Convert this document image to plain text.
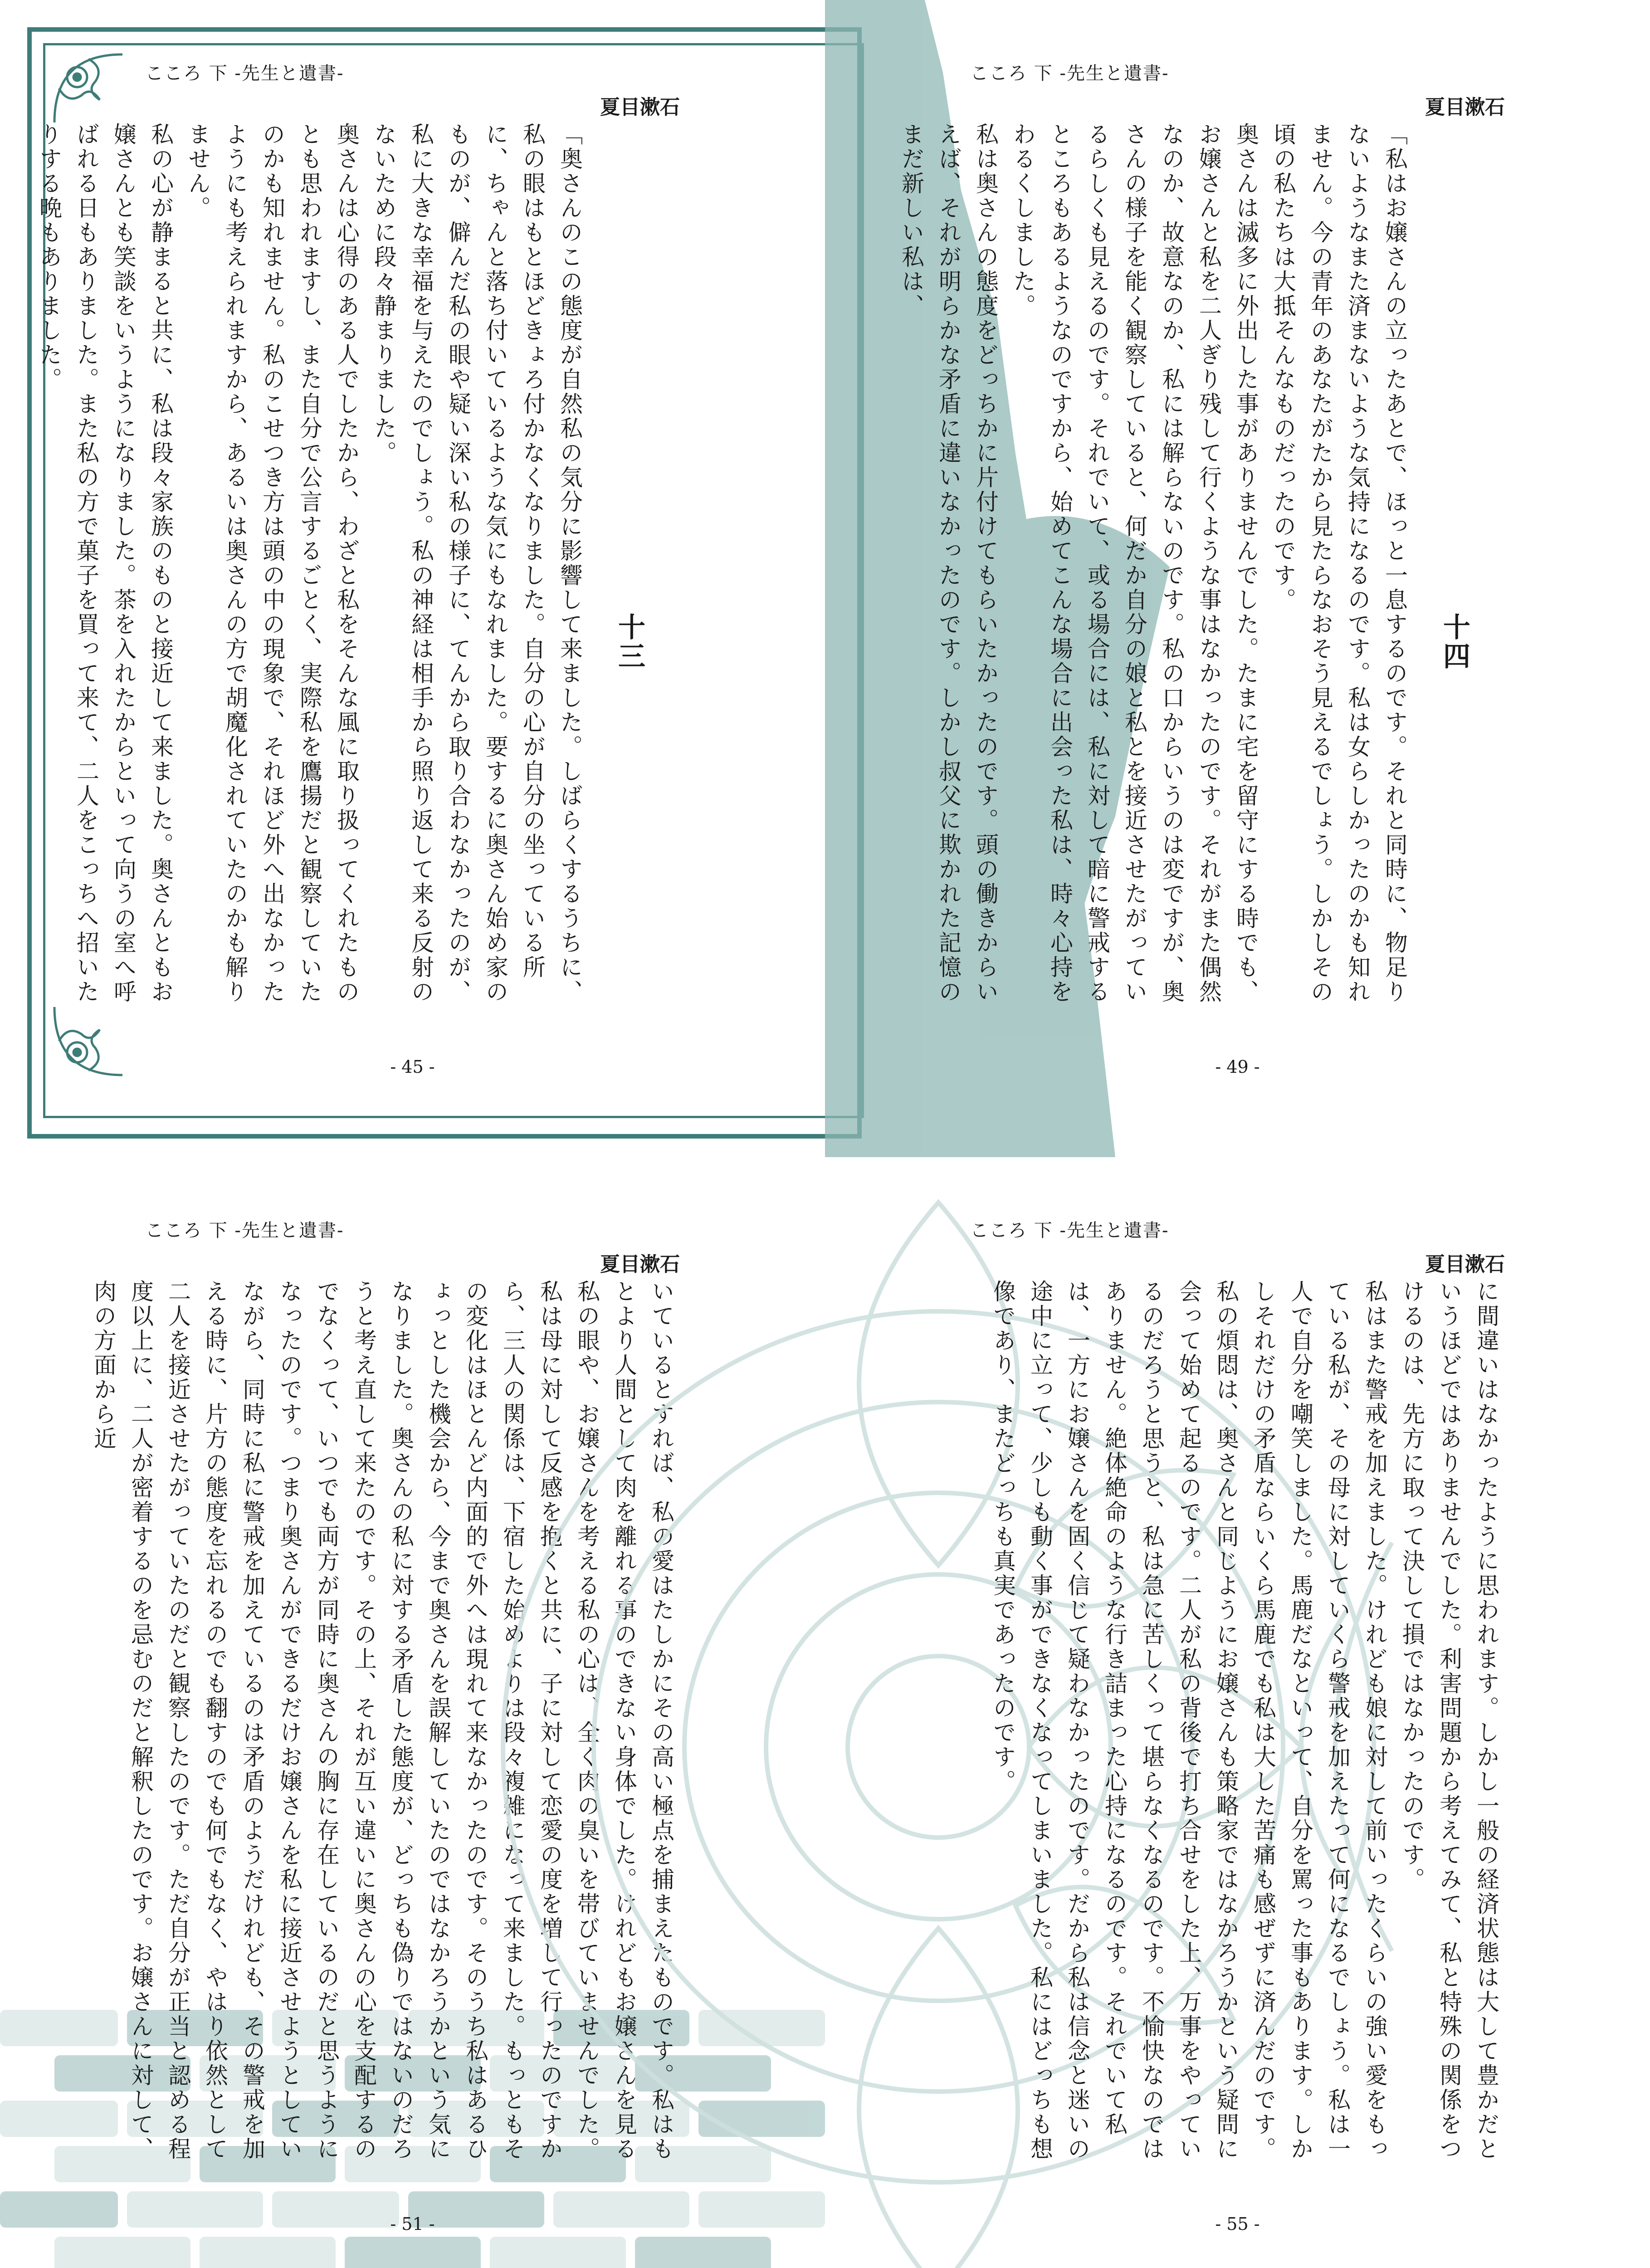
こころ 下 -先生と遺書-
夏目漱石
十三

「奥さんのこの態度が自然私の気分に影響して来ました。しばらくするうちに、私の眼はもとほどきょろ付かなくなりました。自分の心が自分の坐っている所に、ちゃんと落ち付いているような気にもなれました。要するに奥さん始め家のものが、僻んだ私の眼や疑い深い私の様子に、てんから取り合わなかったのが、私に大きな幸福を与えたのでしょう。私の神経は相手から照り返して来る反射のないために段々静まりました。

奥さんは心得のある人でしたから、わざと私をそんな風に取り扱ってくれたものとも思われますし、また自分で公言するごとく、実際私を鷹揚だと観察していたのかも知れません。私のこせつき方は頭の中の現象で、それほど外へ出なかったようにも考えられますから、あるいは奥さんの方で胡魔化されていたのかも解りません。

私の心が静まると共に、私は段々家族のものと接近して来ました。奥さんともお嬢さんとも笑談をいうようになりました。茶を入れたからといって向うの室へ呼ばれる日もありました。また私の方で菓子を買って来て、二人をこっちへ招いたりする晩もありました。

- 45 -
こころ 下 -先生と遺書-
夏目漱石
十四

「私はお嬢さんの立ったあとで、ほっと一息するのです。それと同時に、物足りないようなまた済まないような気持になるのです。私は女らしかったのかも知れません。今の青年のあなたがたから見たらなおそう見えるでしょう。しかしその頃の私たちは大抵そんなものだったのです。

奥さんは滅多に外出した事がありませんでした。たまに宅を留守にする時でも、お嬢さんと私を二人ぎり残して行くような事はなかったのです。それがまた偶然なのか、故意なのか、私には解らないのです。私の口からいうのは変ですが、奥さんの様子を能く観察していると、何だか自分の娘と私とを接近させたがっているらしくも見えるのです。それでいて、或る場合には、私に対して暗に警戒するところもあるようなのですから、始めてこんな場合に出会った私は、時々心持をわるくしました。

私は奥さんの態度をどっちかに片付けてもらいたかったのです。頭の働きからいえば、それが明らかな矛盾に違いなかったのです。しかし叔父に欺かれた記憶のまだ新しい私は、

- 49 -
こころ 下 -先生と遺書-
夏目漱石

いているとすれば、私の愛はたしかにその高い極点を捕まえたものです。私はもとより人間として肉を離れる事のできない身体でした。けれどもお嬢さんを見る私の眼や、お嬢さんを考える私の心は、全く肉の臭いを帯びていませんでした。

私は母に対して反感を抱くと共に、子に対して恋愛の度を増して行ったのですから、三人の関係は、下宿した始めよりは段々複雑になって来ました。もっともその変化はほとんど内面的で外へは現れて来なかったのです。そのうち私はあるひょっとした機会から、今まで奥さんを誤解していたのではなかろうかという気になりました。奥さんの私に対する矛盾した態度が、どっちも偽りではないのだろうと考え直して来たのです。その上、それが互い違いに奥さんの心を支配するのでなくって、いつでも両方が同時に奥さんの胸に存在しているのだと思うようになったのです。つまり奥さんができるだけお嬢さんを私に接近させようとしていながら、同時に私に警戒を加えているのは矛盾のようだけれども、その警戒を加える時に、片方の態度を忘れるのでも翻すのでも何でもなく、やはり依然として二人を接近させたがっていたのだと観察したのです。ただ自分が正当と認める程度以上に、二人が密着するのを忌むのだと解釈したのです。お嬢さんに対して、肉の方面から近

- 51 -
こころ 下 -先生と遺書-
夏目漱石

に間違いはなかったように思われます。しかし一般の経済状態は大して豊かだというほどではありませんでした。利害問題から考えてみて、私と特殊の関係をつけるのは、先方に取って決して損ではなかったのです。

私はまた警戒を加えました。けれども娘に対して前いったくらいの強い愛をもっている私が、その母に対していくら警戒を加えたって何になるでしょう。私は一人で自分を嘲笑しました。馬鹿だなといって、自分を罵った事もあります。しかしそれだけの矛盾ならいくら馬鹿でも私は大した苦痛も感ぜずに済んだのです。私の煩悶は、奥さんと同じようにお嬢さんも策略家ではなかろうかという疑問に会って始めて起るのです。二人が私の背後で打ち合せをした上、万事をやっているのだろうと思うと、私は急に苦しくって堪らなくなるのです。不愉快なのではありません。絶体絶命のような行き詰まった心持になるのです。それでいて私は、一方にお嬢さんを固く信じて疑わなかったのです。だから私は信念と迷いの途中に立って、少しも動く事ができなくなってしまいました。私にはどっちも想像であり、またどっちも真実であったのです。

- 55 -
